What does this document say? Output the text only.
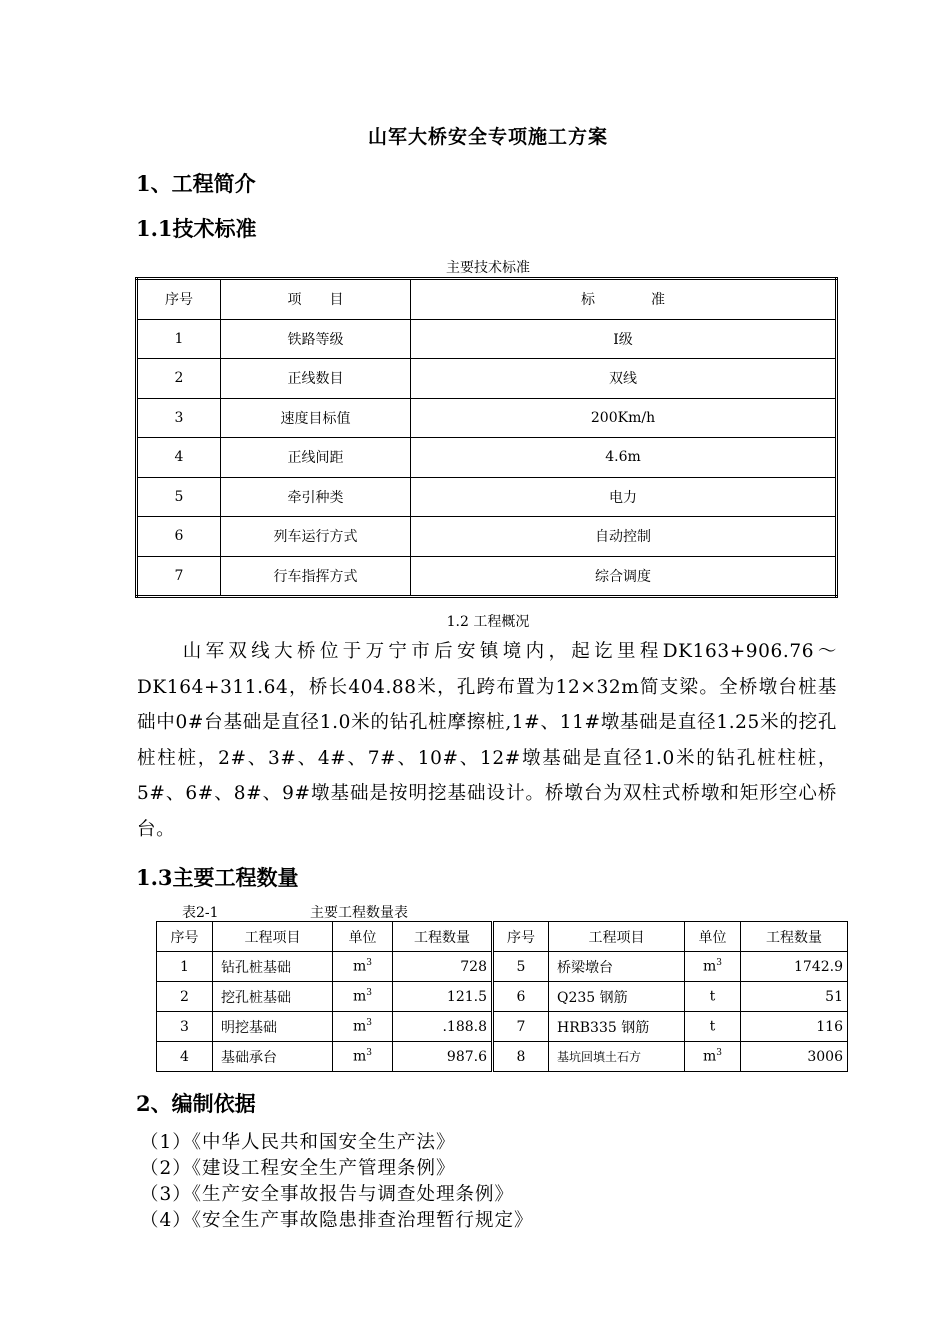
山军大桥安全专项施工方案
1、工程简介
1.1技术标准
主要技术标准
序号	项　　目	标　　　　准
1	铁路等级	I级
2	正线数目	双线
3	速度目标值	200Km/h
4	正线间距	4.6m
5	牵引种类	电力
6	列车运行方式	自动控制
7	行车指挥方式	综合调度
1.2 工程概况
　　山军双线大桥位于万宁市后安镇境内，起讫里程DK163+906.76～DK164+311.64，桥长404.88米，孔跨布置为12×32m简支梁。全桥墩台桩基础中0#台基础是直径1.0米的钻孔桩摩擦桩,1#、11#墩基础是直径1.25米的挖孔桩柱桩，2#、3#、4#、7#、10#、12#墩基础是直径1.0米的钻孔桩柱桩，5#、6#、8#、9#墩基础是按明挖基础设计。桥墩台为双柱式桥墩和矩形空心桥台。
1.3主要工程数量
表2-1	主要工程数量表
序号	工程项目	单位	工程数量	序号	工程项目	单位	工程数量
1	钻孔桩基础	$m^3$	728	5	桥梁墩台	$m^3$	1742.9
2	挖孔桩基础	$m^3$	121.5	6	Q235 钢筋	t	51
3	明挖基础	$m^3$	.188.8	7	HRB335 钢筋	t	116
4	基础承台	$m^3$	987.6	8	基坑回填土石方	$m^3$	3006
2、编制依据
（1）《中华人民共和国安全生产法》
（2）《建设工程安全生产管理条例》
（3）《生产安全事故报告与调查处理条例》
（4）《安全生产事故隐患排查治理暂行规定》
